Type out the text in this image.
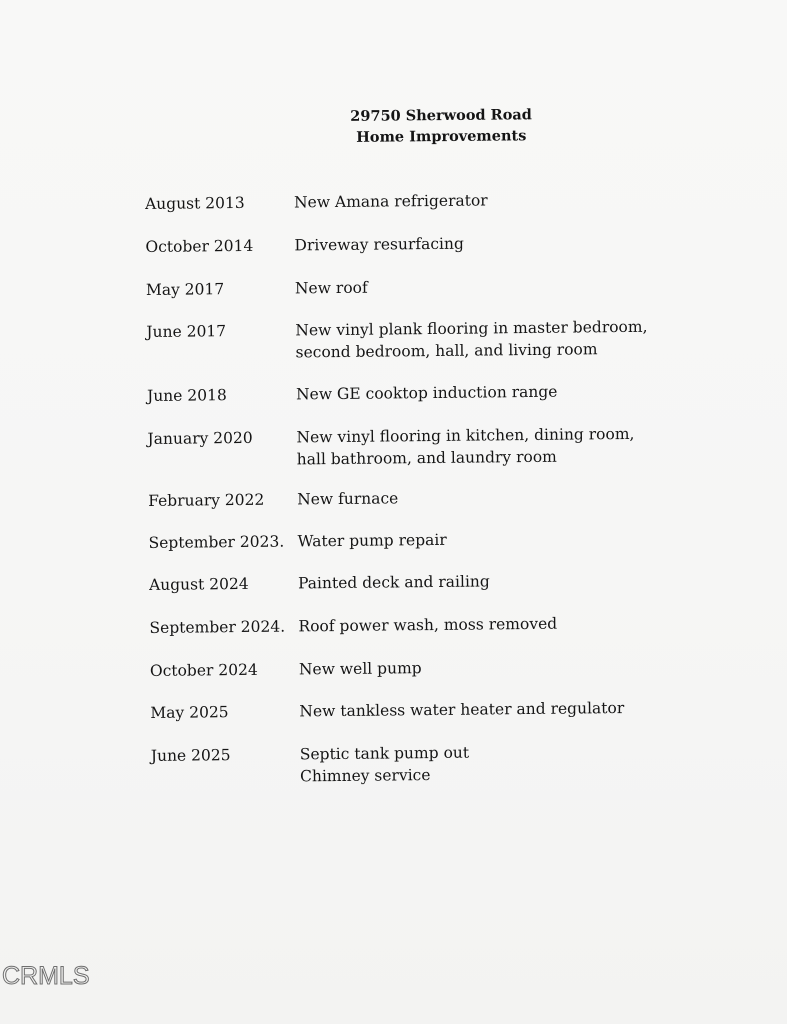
29750 Sherwood Road
Home Improvements
August 2013	New Amana refrigerator
October 2014	Driveway resurfacing
May 2017	New roof
June 2017	New vinyl plank flooring in master bedroom,
second bedroom, hall, and living room
June 2018	New GE cooktop induction range
January 2020	New vinyl flooring in kitchen, dining room,
hall bathroom, and laundry room
February 2022 New furnace
September 2023. Water pump repair
August 2024	Painted deck and railing
September 2024. Roof power wash, moss removed
October 2024	New well pump
May 2025	New tankless water heater and regulator
June 2025	Septic tank pump out
Chimney service
CRMLS
